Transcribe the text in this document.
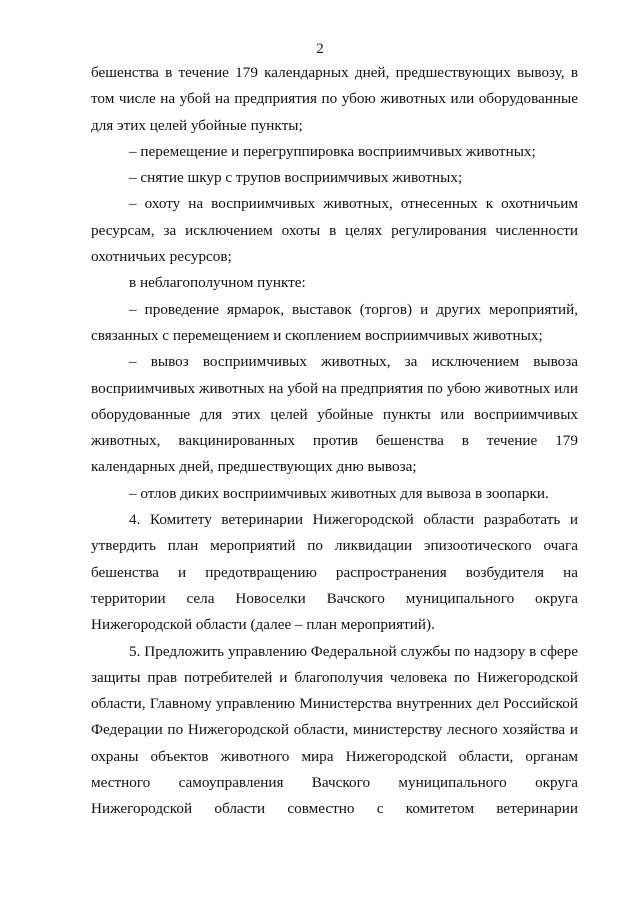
2

бешенства в течение 179 календарных дней, предшествующих вывозу, в том числе на убой на предприятия по убою животных или оборудованные для этих целей убойные пункты;

– перемещение и перегруппировка восприимчивых животных;

– снятие шкур с трупов восприимчивых животных;

– охоту на восприимчивых животных, отнесенных к охотничьим ресурсам, за исключением охоты в целях регулирования численности охотничьих ресурсов;

в неблагополучном пункте:

– проведение ярмарок, выставок (торгов) и других мероприятий, связанных с перемещением и скоплением восприимчивых животных;

– вывоз восприимчивых животных, за исключением вывоза восприимчивых животных на убой на предприятия по убою животных или оборудованные для этих целей убойные пункты или восприимчивых животных, вакцинированных против бешенства в течение 179 календарных дней, предшествующих дню вывоза;

– отлов диких восприимчивых животных для вывоза в зоопарки.

4. Комитету ветеринарии Нижегородской области разработать и утвердить план мероприятий по ликвидации эпизоотического очага бешенства и предотвращению распространения возбудителя на территории села Новоселки Вачского муниципального округа Нижегородской области (далее – план мероприятий).

5. Предложить управлению Федеральной службы по надзору в сфере защиты прав потребителей и благополучия человека по Нижегородской области, Главному управлению Министерства внутренних дел Российской Федерации по Нижегородской области, министерству лесного хозяйства и охраны объектов животного мира Нижегородской области, органам местного самоуправления Вачского муниципального округа Нижегородской области совместно с комитетом ветеринарии
